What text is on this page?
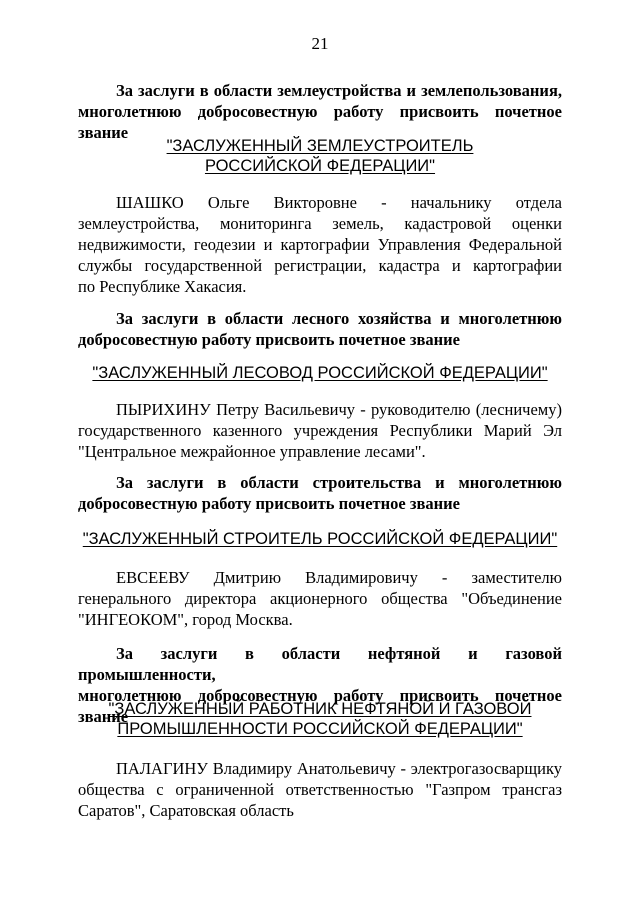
21
За заслуги в области землеустройства и землепользования,
многолетнюю добросовестную работу присвоить почетное звание
"ЗАСЛУЖЕННЫЙ ЗЕМЛЕУСТРОИТЕЛЬ
РОССИЙСКОЙ ФЕДЕРАЦИИ"
ШАШКО Ольге Викторовне - начальнику отдела
землеустройства, мониторинга земель, кадастровой оценки
недвижимости, геодезии и картографии Управления Федеральной
службы государственной регистрации, кадастра и картографии
по Республике Хакасия.
За заслуги в области лесного хозяйства и многолетнюю
добросовестную работу присвоить почетное звание
"ЗАСЛУЖЕННЫЙ ЛЕСОВОД РОССИЙСКОЙ ФЕДЕРАЦИИ"
ПЫРИХИНУ Петру Васильевичу - руководителю (лесничему)
государственного казенного учреждения Республики Марий Эл
"Центральное межрайонное управление лесами".
За заслуги в области строительства и многолетнюю
добросовестную работу присвоить почетное звание
"ЗАСЛУЖЕННЫЙ СТРОИТЕЛЬ РОССИЙСКОЙ ФЕДЕРАЦИИ"
ЕВСЕЕВУ Дмитрию Владимировичу - заместителю
генерального директора акционерного общества "Объединение
"ИНГЕОКОМ", город Москва.
За заслуги в области нефтяной и газовой промышленности,
многолетнюю добросовестную работу присвоить почетное звание
"ЗАСЛУЖЕННЫЙ РАБОТНИК НЕФТЯНОЙ И ГАЗОВОЙ
ПРОМЫШЛЕННОСТИ РОССИЙСКОЙ ФЕДЕРАЦИИ"
ПАЛАГИНУ Владимиру Анатольевичу - электрогазосварщику
общества с ограниченной ответственностью "Газпром трансгаз
Саратов", Саратовская область
